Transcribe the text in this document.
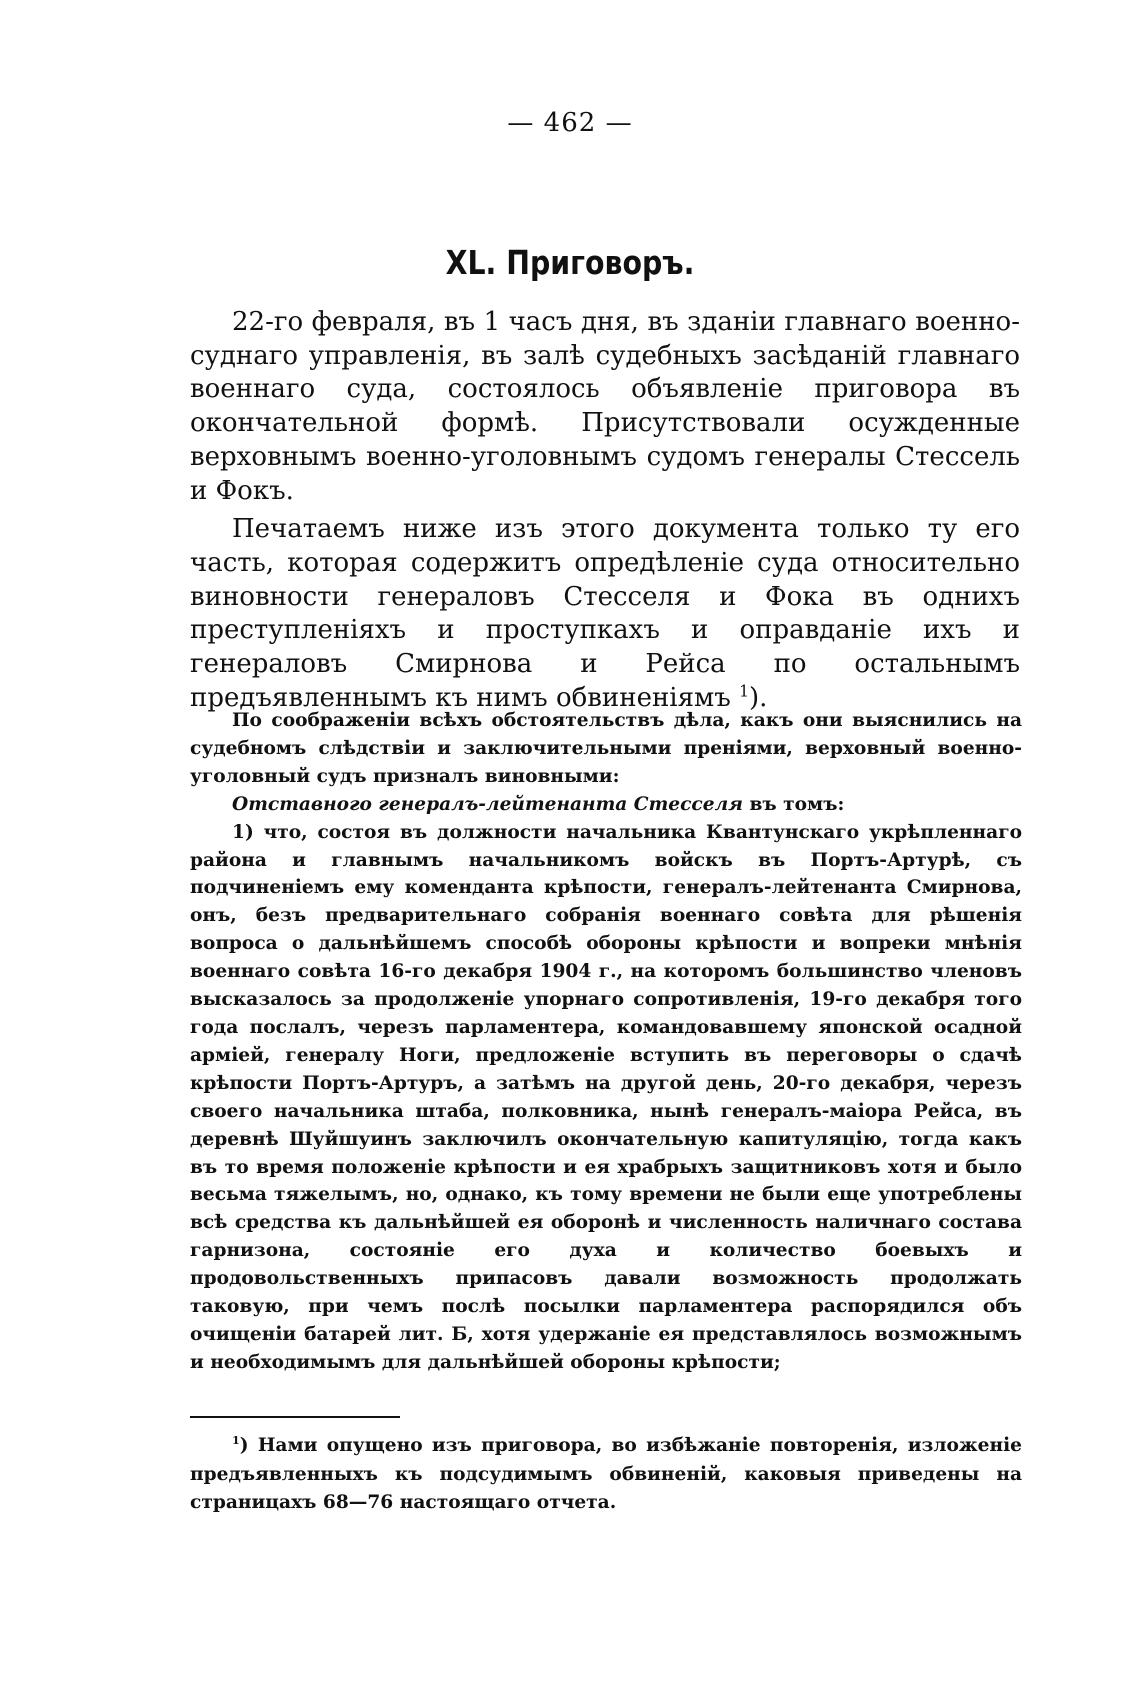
— 462 —
XL. Приговоръ.

22-го февраля, въ 1 часъ дня, въ зданіи главнаго военно-суднаго управленія, въ залѣ судебныхъ засѣданій главнаго военнаго суда, состоялось объявленіе приговора въ окончательной формѣ. Присутствовали осужденные верховнымъ военно-уголовнымъ судомъ генералы Стессель и Фокъ.

Печатаемъ ниже изъ этого документа только ту его часть, которая содержитъ опредѣленіе суда относительно виновности генераловъ Стесселя и Фока въ однихъ преступленіяхъ и проступкахъ и оправданіе ихъ и генераловъ Смирнова и Рейса по остальнымъ предъявленнымъ къ нимъ обвиненіямъ $^1$).

По соображеніи всѣхъ обстоятельствъ дѣла, какъ они выяснились на судебномъ слѣдствіи и заключительными преніями, верховный военно-уголовный судъ призналъ виновными:

Отставного генералъ-лейтенанта Стесселя въ томъ:

1) что, состоя въ должности начальника Квантунскаго укрѣпленнаго района и главнымъ начальникомъ войскъ въ Портъ-Артурѣ, съ подчиненіемъ ему коменданта крѣпости, генералъ-лейтенанта Смирнова, онъ, безъ предварительнаго собранія военнаго совѣта для рѣшенія вопроса о дальнѣйшемъ способѣ обороны крѣпости и вопреки мнѣнія военнаго совѣта 16-го декабря 1904 г., на которомъ большинство членовъ высказалось за продолженіе упорнаго сопротивленія, 19-го декабря того года послалъ, черезъ парламентера, командовавшему японской осадной арміей, генералу Ноги, предложеніе вступить въ переговоры о сдачѣ крѣпости Портъ-Артуръ, а затѣмъ на другой день, 20-го декабря, черезъ своего начальника штаба, полковника, нынѣ генералъ-маіора Рейса, въ деревнѣ Шуйшуинъ заключилъ окончательную капитуляцію, тогда какъ въ то время положеніе крѣпости и ея храбрыхъ защитниковъ хотя и было весьма тяжелымъ, но, однако, къ тому времени не были еще употреблены всѣ средства къ дальнѣйшей ея оборонѣ и численность наличнаго состава гарнизона, состояніе его духа и количество боевыхъ и продовольственныхъ припасовъ давали возможность продолжать таковую, при чемъ послѣ посылки парламентера распорядился объ очищеніи батарей лит. Б, хотя удержаніе ея представлялось возможнымъ и необходимымъ для дальнѣйшей обороны крѣпости;

$^1$) Нами опущено изъ приговора, во избѣжаніе повторенія, изложеніе предъявленныхъ къ подсудимымъ обвиненій, каковыя приведены на страницахъ 68—76 настоящаго отчета.
